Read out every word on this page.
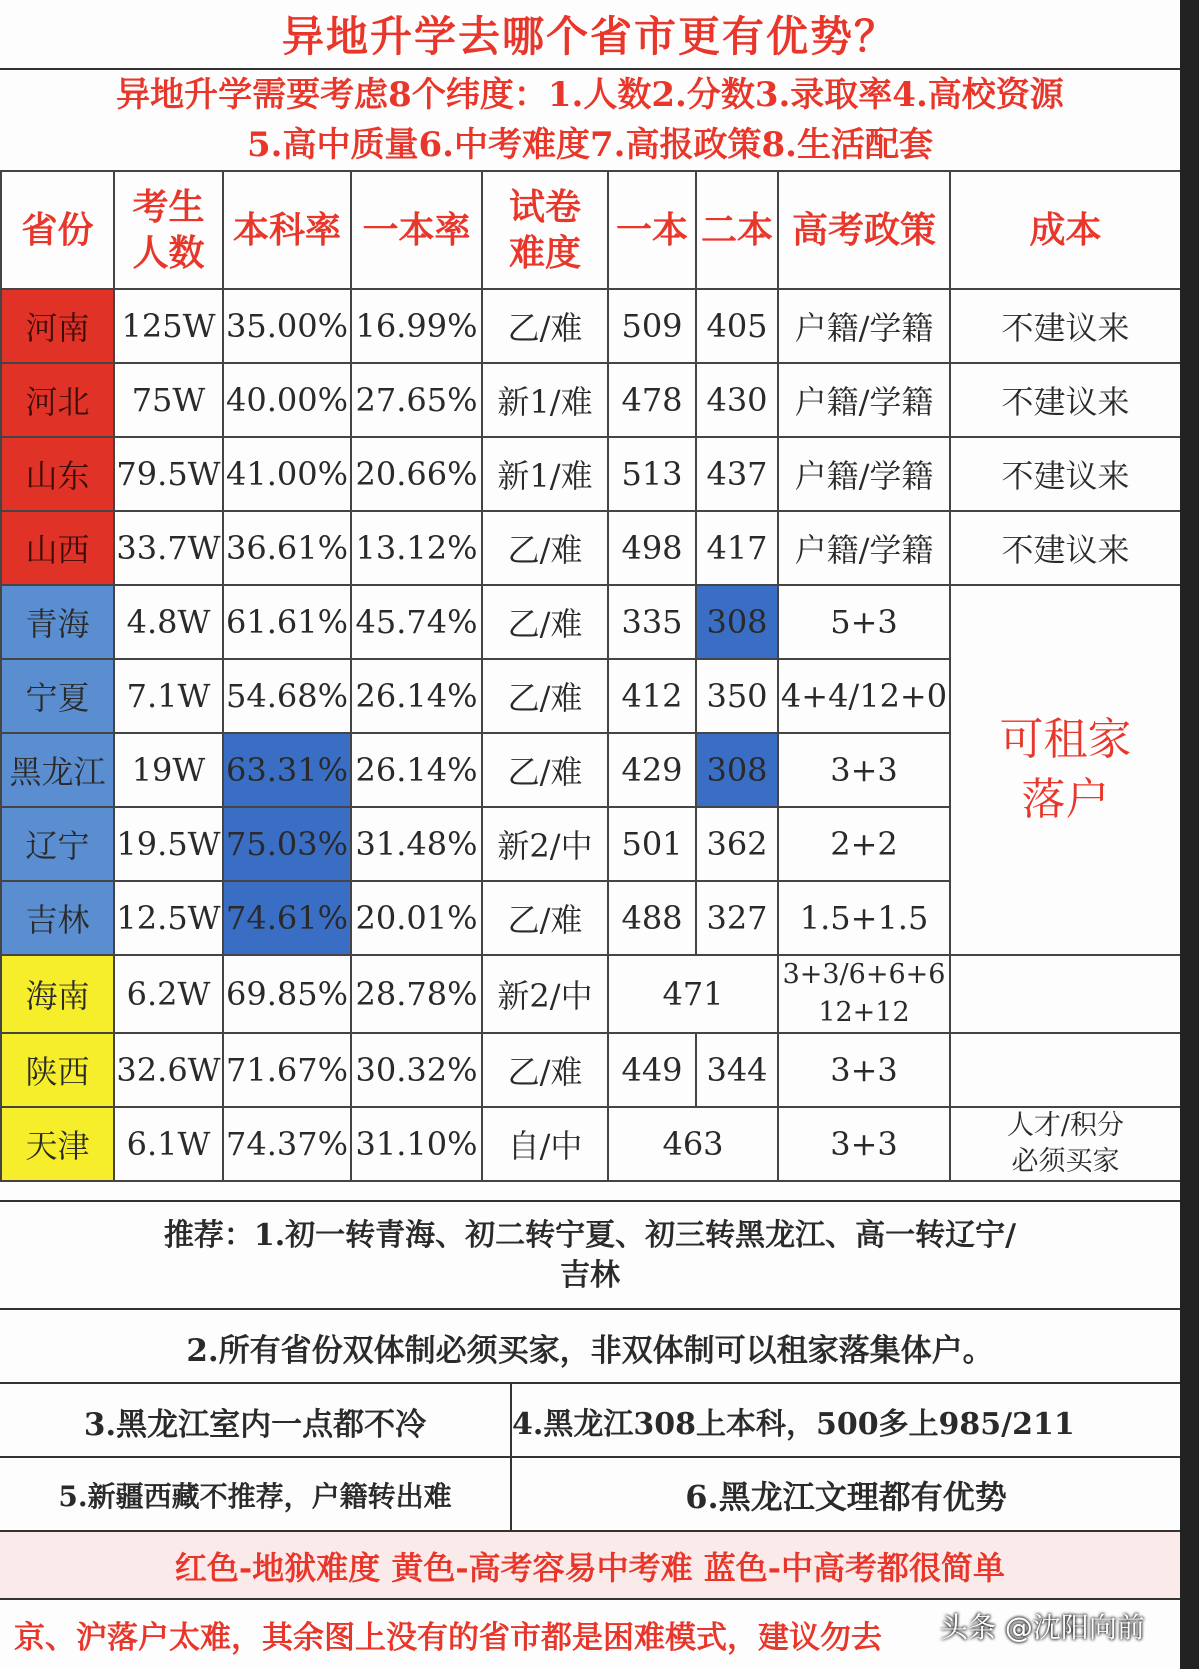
异地升学去哪个省市更有优势？
异地升学需要考虑8个纬度：1.人数2.分数3.录取率4.高校资源
5.高中质量6.中考难度7.高报政策8.生活配套
省份	考生人数	本科率	一本率	试卷难度	一本	二本	高考政策	成本
河南	125W	35.00%	16.99%	乙/难	509	405	户籍/学籍	不建议来
河北	75W	40.00%	27.65%	新1/难	478	430	户籍/学籍	不建议来
山东	79.5W	41.00%	20.66%	新1/难	513	437	户籍/学籍	不建议来
山西	33.7W	36.61%	13.12%	乙/难	498	417	户籍/学籍	不建议来
青海	4.8W	61.61%	45.74%	乙/难	335	308	5+3	可租家
落户

宁夏	7.1W	54.68%	26.14%	乙/难	412	350	4+4/12+0	
黑龙江	19W	63.31%	26.14%	乙/难	429	308	3+3	
辽宁	19.5W	75.03%	31.48%	新2/中	501	362	2+2	
吉林	12.5W	74.61%	20.01%	乙/难	488	327	1.5+1.5	
海南	6.2W	69.85%	28.78%	新2/中	471		3+3/6+6+6
12+12	

陕西	32.6W	71.67%	30.32%	乙/难	449	344	3+3	
天津	6.1W	74.37%	31.10%	自/中	463		3+3	人才/积分
必须买家
推荐：1.初一转青海、初二转宁夏、初三转黑龙江、高一转辽宁/
吉林
2.所有省份双体制必须买家，非双体制可以租家落集体户。
3.黑龙江室内一点都不冷	4.黑龙江308上本科，500多上985/211
5.新疆西藏不推荐，户籍转出难	6.黑龙江文理都有优势
红色-地狱难度 黄色-高考容易中考难 蓝色-中高考都很简单
京、沪落户太难，其余图上没有的省市都是困难模式，建议勿去	头条 @沈阳向前
